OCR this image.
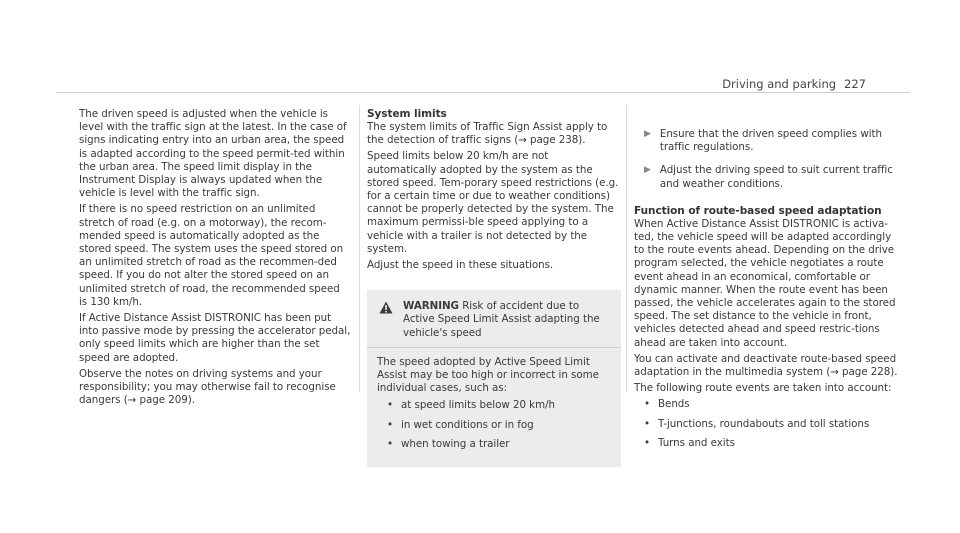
Driving and parking 227

The driven speed is adjusted when the vehicle is level with the traffic sign at the latest. In the case of signs indicating entry into an urban area, the speed is adapted according to the speed permit-ted within the urban area. The speed limit display in the Instrument Display is always updated when the vehicle is level with the traffic sign.

If there is no speed restriction on an unlimited stretch of road (e.g. on a motorway), the recom-mended speed is automatically adopted as the stored speed. The system uses the speed stored on an unlimited stretch of road as the recommen-ded speed. If you do not alter the stored speed on an unlimited stretch of road, the recommended speed is 130 km/h.

If Active Distance Assist DISTRONIC has been put into passive mode by pressing the accelerator pedal, only speed limits which are higher than the set speed are adopted.

Observe the notes on driving systems and your responsibility; you may otherwise fail to recognise dangers (→ page 209).

System limits

The system limits of Traffic Sign Assist apply to the detection of traffic signs (→ page 238).

Speed limits below 20 km/h are not automatically adopted by the system as the stored speed. Tem-porary speed restrictions (e.g. for a certain time or due to weather conditions) cannot be properly detected by the system. The maximum permissi-ble speed applying to a vehicle with a trailer is not detected by the system.

Adjust the speed in these situations.

WARNING Risk of accident due to Active Speed Limit Assist adapting the vehicle's speed

The speed adopted by Active Speed Limit Assist may be too high or incorrect in some individual cases, such as:

• at speed limits below 20 km/h
• in wet conditions or in fog
• when towing a trailer
▶ Ensure that the driven speed complies with traffic regulations.
▶ Adjust the driving speed to suit current traffic and weather conditions.
Function of route-based speed adaptation

When Active Distance Assist DISTRONIC is activa-ted, the vehicle speed will be adapted accordingly to the route events ahead. Depending on the drive program selected, the vehicle negotiates a route event ahead in an economical, comfortable or dynamic manner. When the route event has been passed, the vehicle accelerates again to the stored speed. The set distance to the vehicle in front, vehicles detected ahead and speed restric-tions ahead are taken into account.

You can activate and deactivate route-based speed adaptation in the multimedia system (→ page 228).

The following route events are taken into account:

• Bends
• T-junctions, roundabouts and toll stations
• Turns and exits
